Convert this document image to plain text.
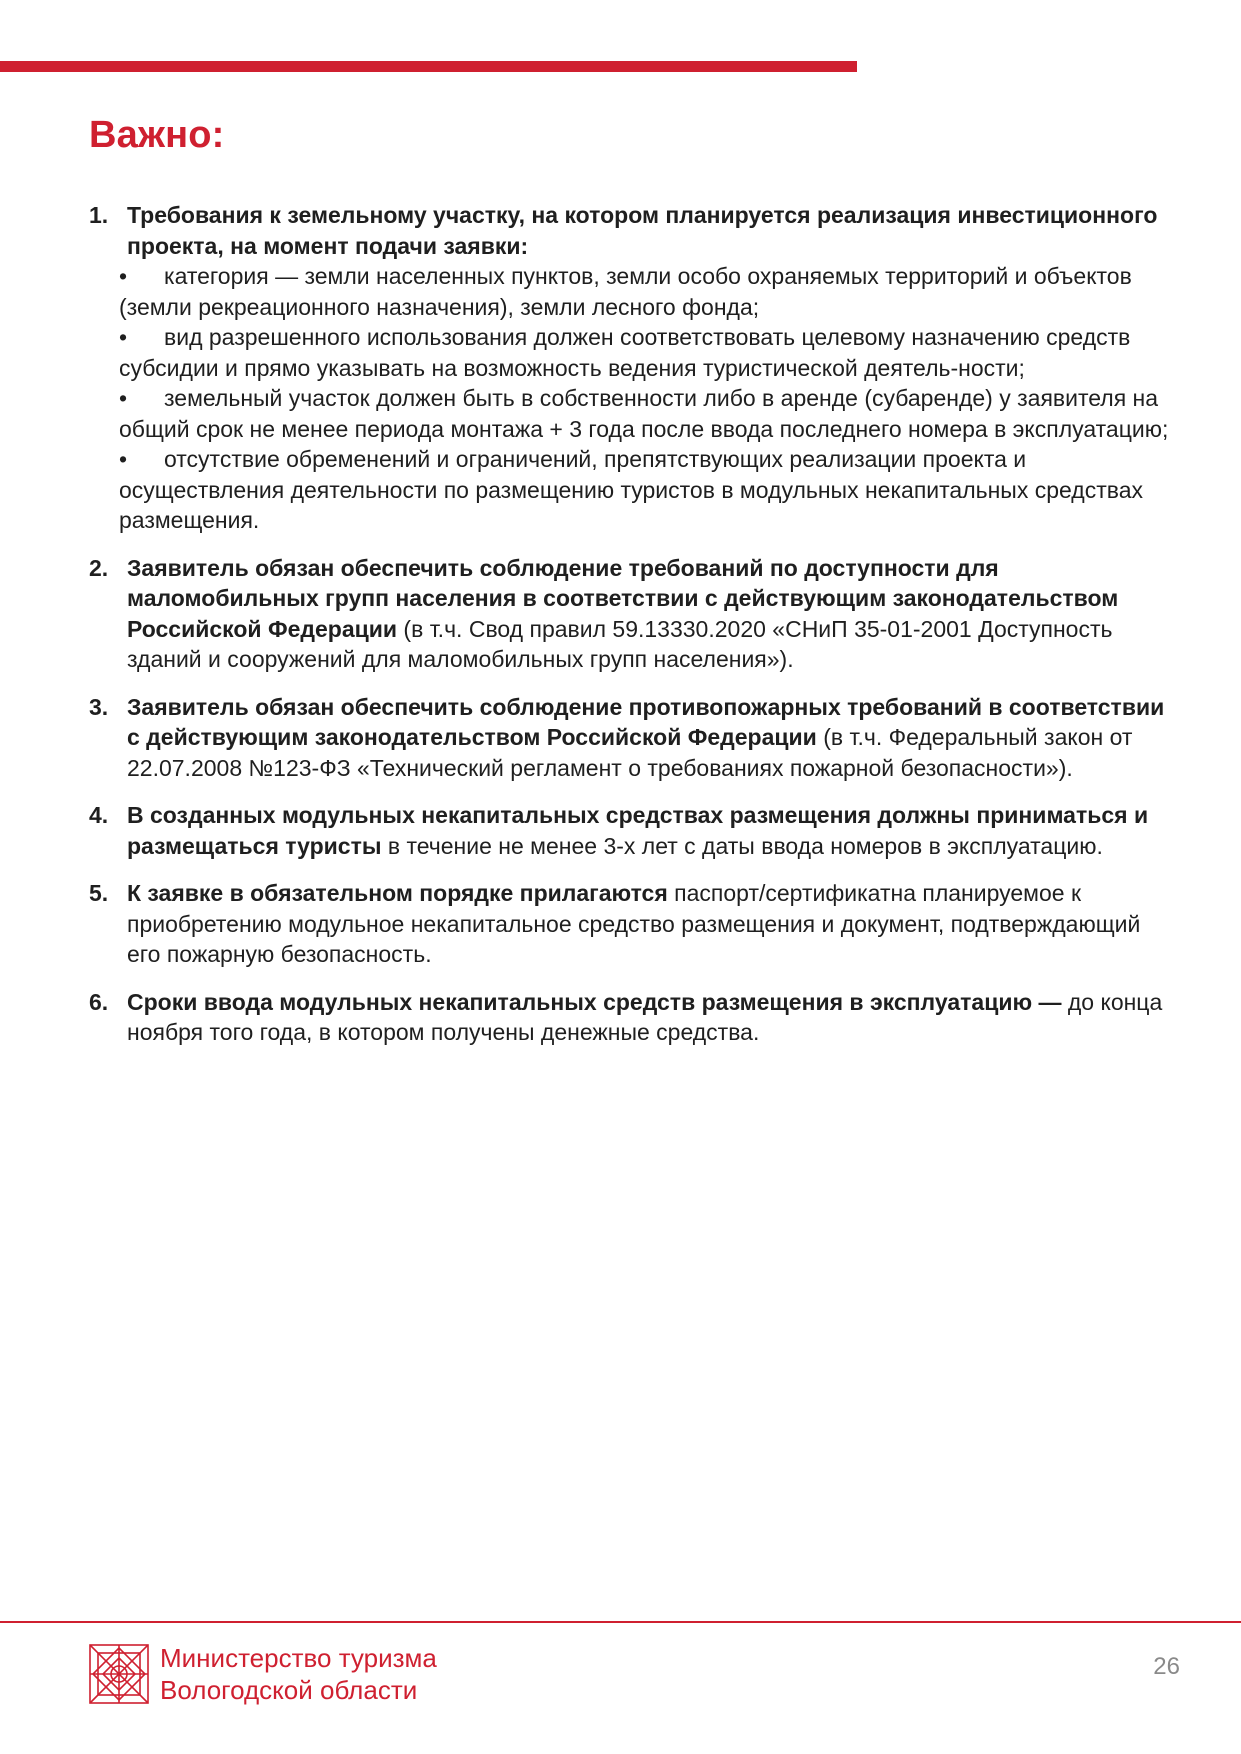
Важно:
1. Требования к земельному участку, на котором планируется реализация инвестиционного проекта, на момент подачи заявки:
•	категория — земли населенных пунктов, земли особо охраняемых территорий и объектов (земли рекреационного назначения), земли лесного фонда;
•	вид разрешенного использования должен соответствовать целевому назначению средств субсидии и прямо указывать на возможность ведения туристической деятель-ности;
•	земельный участок должен быть в собственности либо в аренде (субаренде) у заявителя на общий срок не менее периода монтажа + 3 года после ввода последнего номера в эксплуатацию;
•	отсутствие обременений и ограничений, препятствующих реализации проекта и осуществления деятельности по размещению туристов в модульных некапитальных средствах размещения.
2. Заявитель обязан обеспечить соблюдение требований по доступности для маломобильных групп населения в соответствии с действующим законодательством Российской Федерации (в т.ч. Свод правил 59.13330.2020 «СНиП 35-01-2001 Доступность зданий и сооружений для маломобильных групп населения»).
3. Заявитель обязан обеспечить соблюдение противопожарных требований в соответствии с действующим законодательством Российской Федерации (в т.ч. Федеральный закон от 22.07.2008 №123-ФЗ «Технический регламент о требованиях пожарной безопасности»).
4. В созданных модульных некапитальных средствах размещения должны приниматься и размещаться туристы в течение не менее 3-х лет с даты ввода номеров в эксплуатацию.
5. К заявке в обязательном порядке прилагаются паспорт/сертификатна планируемое к приобретению модульное некапитальное средство размещения и документ, подтверждающий его пожарную безопасность.
6. Сроки ввода модульных некапитальных средств размещения в эксплуатацию — до конца ноября того года, в котором получены денежные средства.
Министерство туризма
Вологодской области
26
